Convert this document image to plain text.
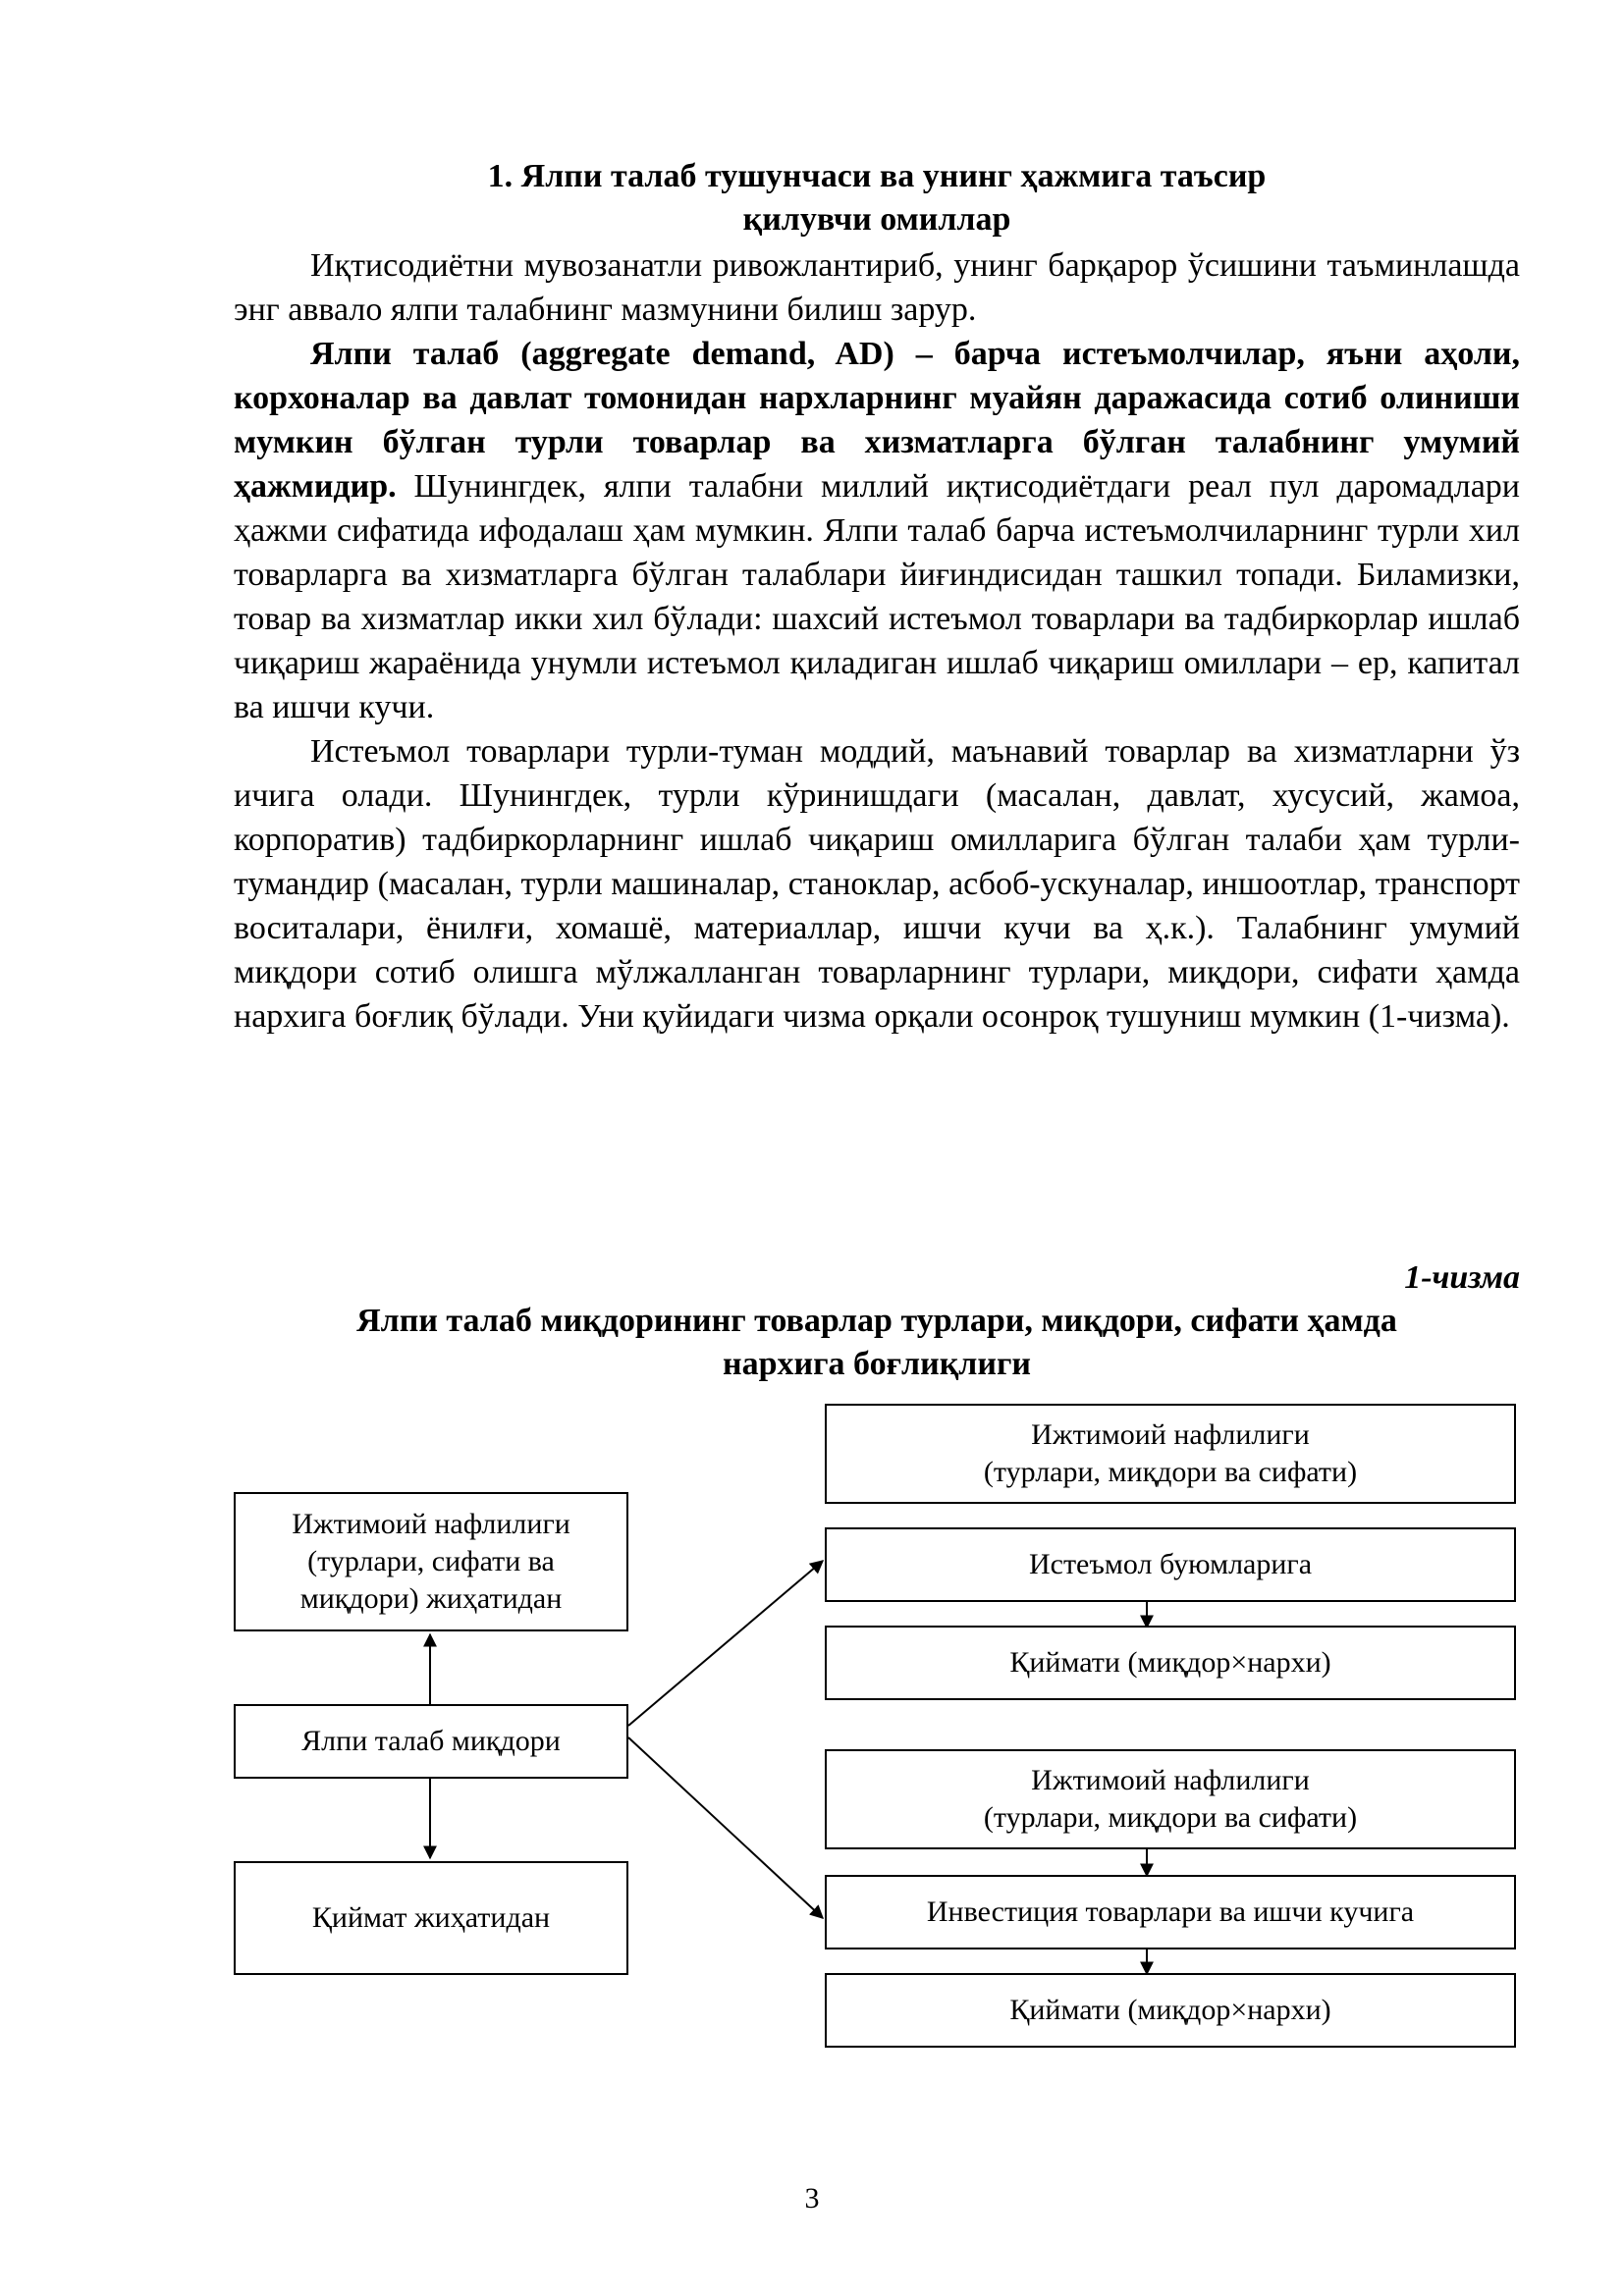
1. Ялпи талаб тушунчаси ва унинг ҳажмига таъсир
қилувчи омиллар

Иқтисодиётни мувозанатли ривожлантириб, унинг барқарор ўсишини таъминлашда энг аввало ялпи талабнинг мазмунини билиш зарур.

Ялпи талаб (aggregate demand, AD) – барча истеъмолчилар, яъни аҳоли, корхоналар ва давлат томонидан нархларнинг муайян даражасида сотиб олиниши мумкин бўлган турли товарлар ва хизматларга бўлган талабнинг умумий ҳажмидир. Шунингдек, ялпи талабни миллий иқтисодиётдаги реал пул даромадлари ҳажми сифатида ифодалаш ҳам мумкин. Ялпи талаб барча истеъмолчиларнинг турли хил товарларга ва хизматларга бўлган талаблари йиғиндисидан ташкил топади. Биламизки, товар ва хизматлар икки хил бўлади: шахсий истеъмол товарлари ва тадбиркорлар ишлаб чиқариш жараёнида унумли истеъмол қиладиган ишлаб чиқариш омиллари – ер, капитал ва ишчи кучи.

Истеъмол товарлари турли-туман моддий, маънавий товарлар ва хизматларни ўз ичига олади. Шунингдек, турли кўринишдаги (масалан, давлат, хусусий, жамоа, корпоратив) тадбиркорларнинг ишлаб чиқариш омилларига бўлган талаби ҳам турли-тумандир (масалан, турли машиналар, станоклар, асбоб-ускуналар, иншоотлар, транспорт воситалари, ёнилғи, хомашё, материаллар, ишчи кучи ва ҳ.к.). Талабнинг умумий миқдори сотиб олишга мўлжалланган товарларнинг турлари, миқдори, сифати ҳамда нархига боғлиқ бўлади. Уни қуйидаги чизма орқали осонроқ тушуниш мумкин (1-чизма).

1-чизма
Ялпи талаб миқдорининг товарлар турлари, миқдори, сифати ҳамда
нархига боғлиқлиги
Ижтимоий нафлилиги
(турлари, сифати ва
миқдори) жиҳатидан
Ялпи талаб миқдори
Қиймат жиҳатидан
Ижтимоий нафлилиги
(турлари, миқдори ва сифати)
Истеъмол буюмларига
Қиймати (миқдор×нархи)
Ижтимоий нафлилиги
(турлари, миқдори ва сифати)
Инвестиция товарлари ва ишчи кучига
Қиймати (миқдор×нархи)
3
